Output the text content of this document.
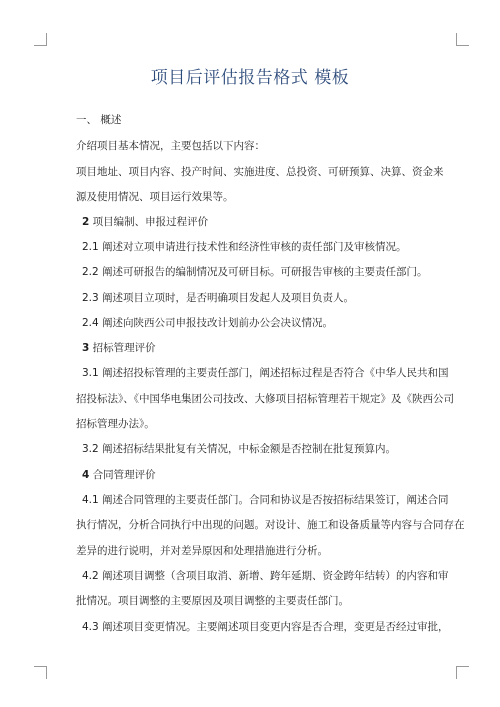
项目后评估报告格式 模板
一、 概述
介绍项目基本情况，主要包括以下内容：
项目地址、项目内容、投产时间、实施进度、总投资、可研预算、决算、资金来
源及使用情况、项目运行效果等。
2 项目编制、申报过程评价
2.1 阐述对立项申请进行技术性和经济性审核的责任部门及审核情况。
2.2 阐述可研报告的编制情况及可研目标。可研报告审核的主要责任部门。
2.3 阐述项目立项时，是否明确项目发起人及项目负责人。
2.4 阐述向陕西公司申报技改计划前办公会决议情况。
3 招标管理评价
3.1 阐述招投标管理的主要责任部门，阐述招标过程是否符合《中华人民共和国
招投标法》、《中国华电集团公司技改、大修项目招标管理若干规定》及《陕西公司
招标管理办法》。
3.2 阐述招标结果批复有关情况，中标金额是否控制在批复预算内。
4 合同管理评价
4.1 阐述合同管理的主要责任部门。合同和协议是否按招标结果签订，阐述合同
执行情况，分析合同执行中出现的问题。对设计、施工和设备质量等内容与合同存在
差异的进行说明，并对差异原因和处理措施进行分析。
4.2 阐述项目调整（含项目取消、新增、跨年延期、资金跨年结转）的内容和审
批情况。项目调整的主要原因及项目调整的主要责任部门。
4.3 阐述项目变更情况。主要阐述项目变更内容是否合理，变更是否经过审批，
